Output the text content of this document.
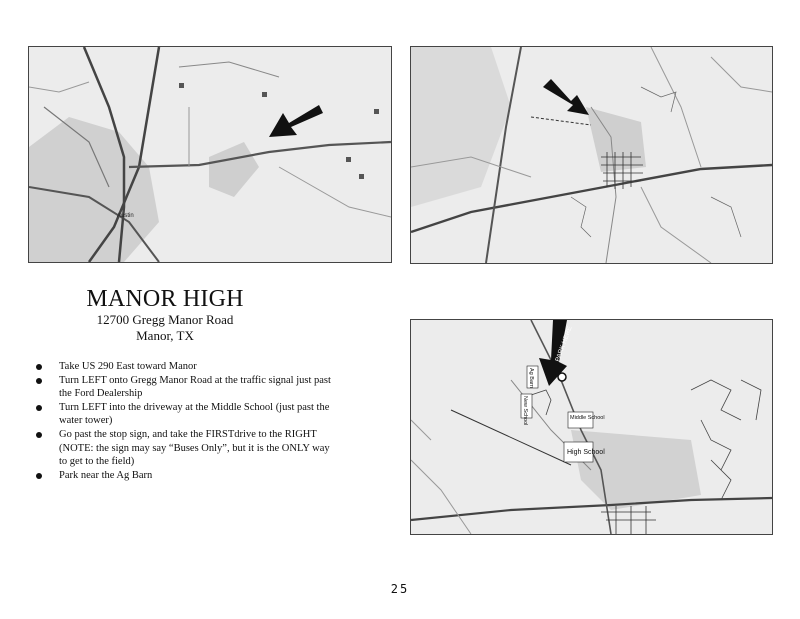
Austin
MANOR HIGH
12700 Gregg Manor Road
Manor, TX
Take US 290 East toward Manor
Turn LEFT onto Gregg Manor Road at the traffic signal just past the Ford Dealership
Turn LEFT into the driveway at the Middle School (just past the water tower)
Go past the stop sign, and take the FIRSTdrive to the RIGHT (NOTE: the sign may say “Buses Only”, but it is the ONLY way to get to the field)
Park near the Ag Barn
PARK HERE
Ag Barn
New School	Middle School
High School
25
